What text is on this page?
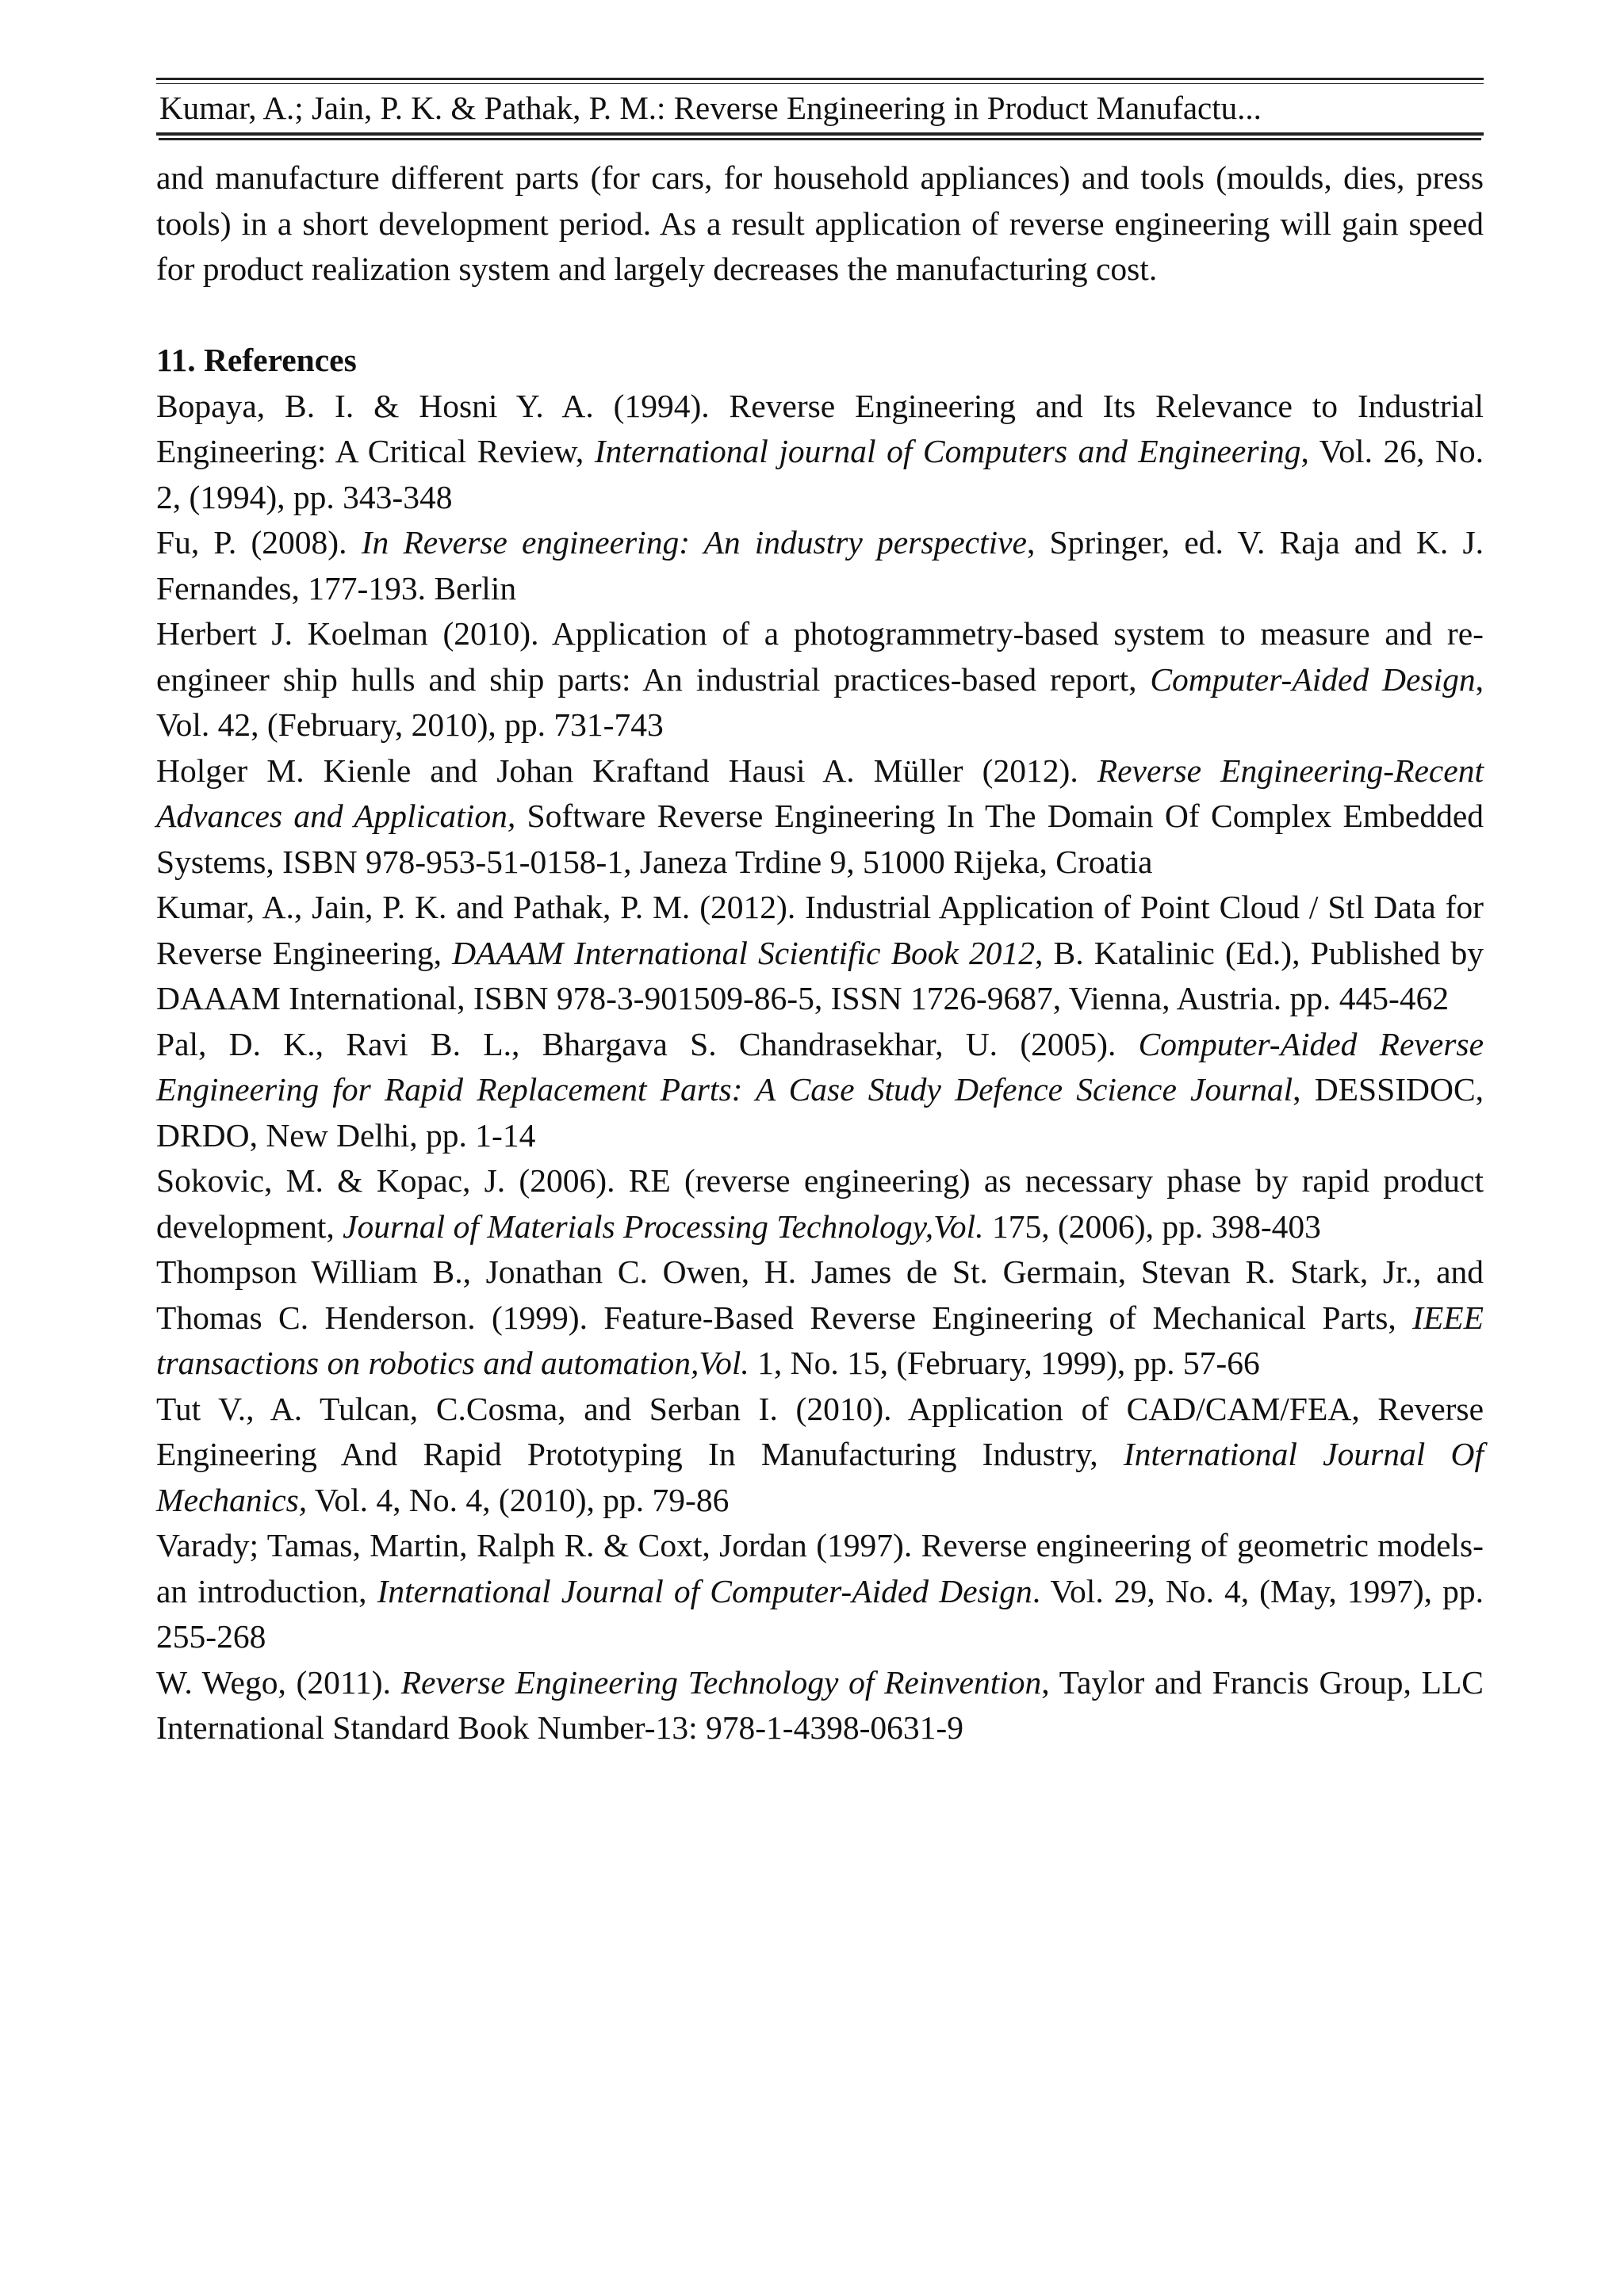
Kumar, A.; Jain, P. K. & Pathak, P. M.: Reverse Engineering in Product Manufactu...

and manufacture different parts (for cars, for household appliances) and tools (moulds, dies, press tools) in a short development period. As a result application of reverse engineering will gain speed for product realization system and largely decreases the manufacturing cost.

11. References

Bopaya, B. I. & Hosni Y. A. (1994). Reverse Engineering and Its Relevance to Industrial Engineering: A Critical Review, International journal of Computers and Engineering, Vol. 26, No. 2, (1994), pp. 343-348

Fu, P. (2008). In Reverse engineering: An industry perspective, Springer, ed. V. Raja and K. J. Fernandes, 177-193. Berlin

Herbert J. Koelman (2010). Application of a photogrammetry-based system to measure and re-engineer ship hulls and ship parts: An industrial practices-based report, Computer-Aided Design, Vol. 42, (February, 2010), pp. 731-743

Holger M. Kienle and Johan Kraftand Hausi A. Müller (2012). Reverse Engineering-Recent Advances and Application, Software Reverse Engineering In The Domain Of Complex Embedded Systems, ISBN 978-953-51-0158-1, Janeza Trdine 9, 51000 Rijeka, Croatia

Kumar, A., Jain, P. K. and Pathak, P. M. (2012). Industrial Application of Point Cloud / Stl Data for Reverse Engineering, DAAAM International Scientific Book 2012, B. Katalinic (Ed.), Published by DAAAM International, ISBN 978-3-901509-86-5, ISSN 1726-9687, Vienna, Austria. pp. 445-462

Pal, D. K., Ravi B. L., Bhargava S. Chandrasekhar, U. (2005). Computer-Aided Reverse Engineering for Rapid Replacement Parts: A Case Study Defence Science Journal, DESSIDOC, DRDO, New Delhi, pp. 1-14

Sokovic, M. & Kopac, J. (2006). RE (reverse engineering) as necessary phase by rapid product development, Journal of Materials Processing Technology,Vol. 175, (2006), pp. 398-403

Thompson William B., Jonathan C. Owen, H. James de St. Germain, Stevan R. Stark, Jr., and Thomas C. Henderson. (1999). Feature-Based Reverse Engineering of Mechanical Parts, IEEE transactions on robotics and automation,Vol. 1, No. 15, (February, 1999), pp. 57-66

Tut V., A. Tulcan, C.Cosma, and Serban I. (2010). Application of CAD/CAM/FEA, Reverse Engineering And Rapid Prototyping In Manufacturing Industry, International Journal Of Mechanics, Vol. 4, No. 4, (2010), pp. 79-86

Varady; Tamas, Martin, Ralph R. & Coxt, Jordan (1997). Reverse engineering of geometric models-an introduction, International Journal of Computer-Aided Design. Vol. 29, No. 4, (May, 1997), pp. 255-268

W. Wego, (2011). Reverse Engineering Technology of Reinvention, Taylor and Francis Group, LLC International Standard Book Number-13: 978-1-4398-0631-9
